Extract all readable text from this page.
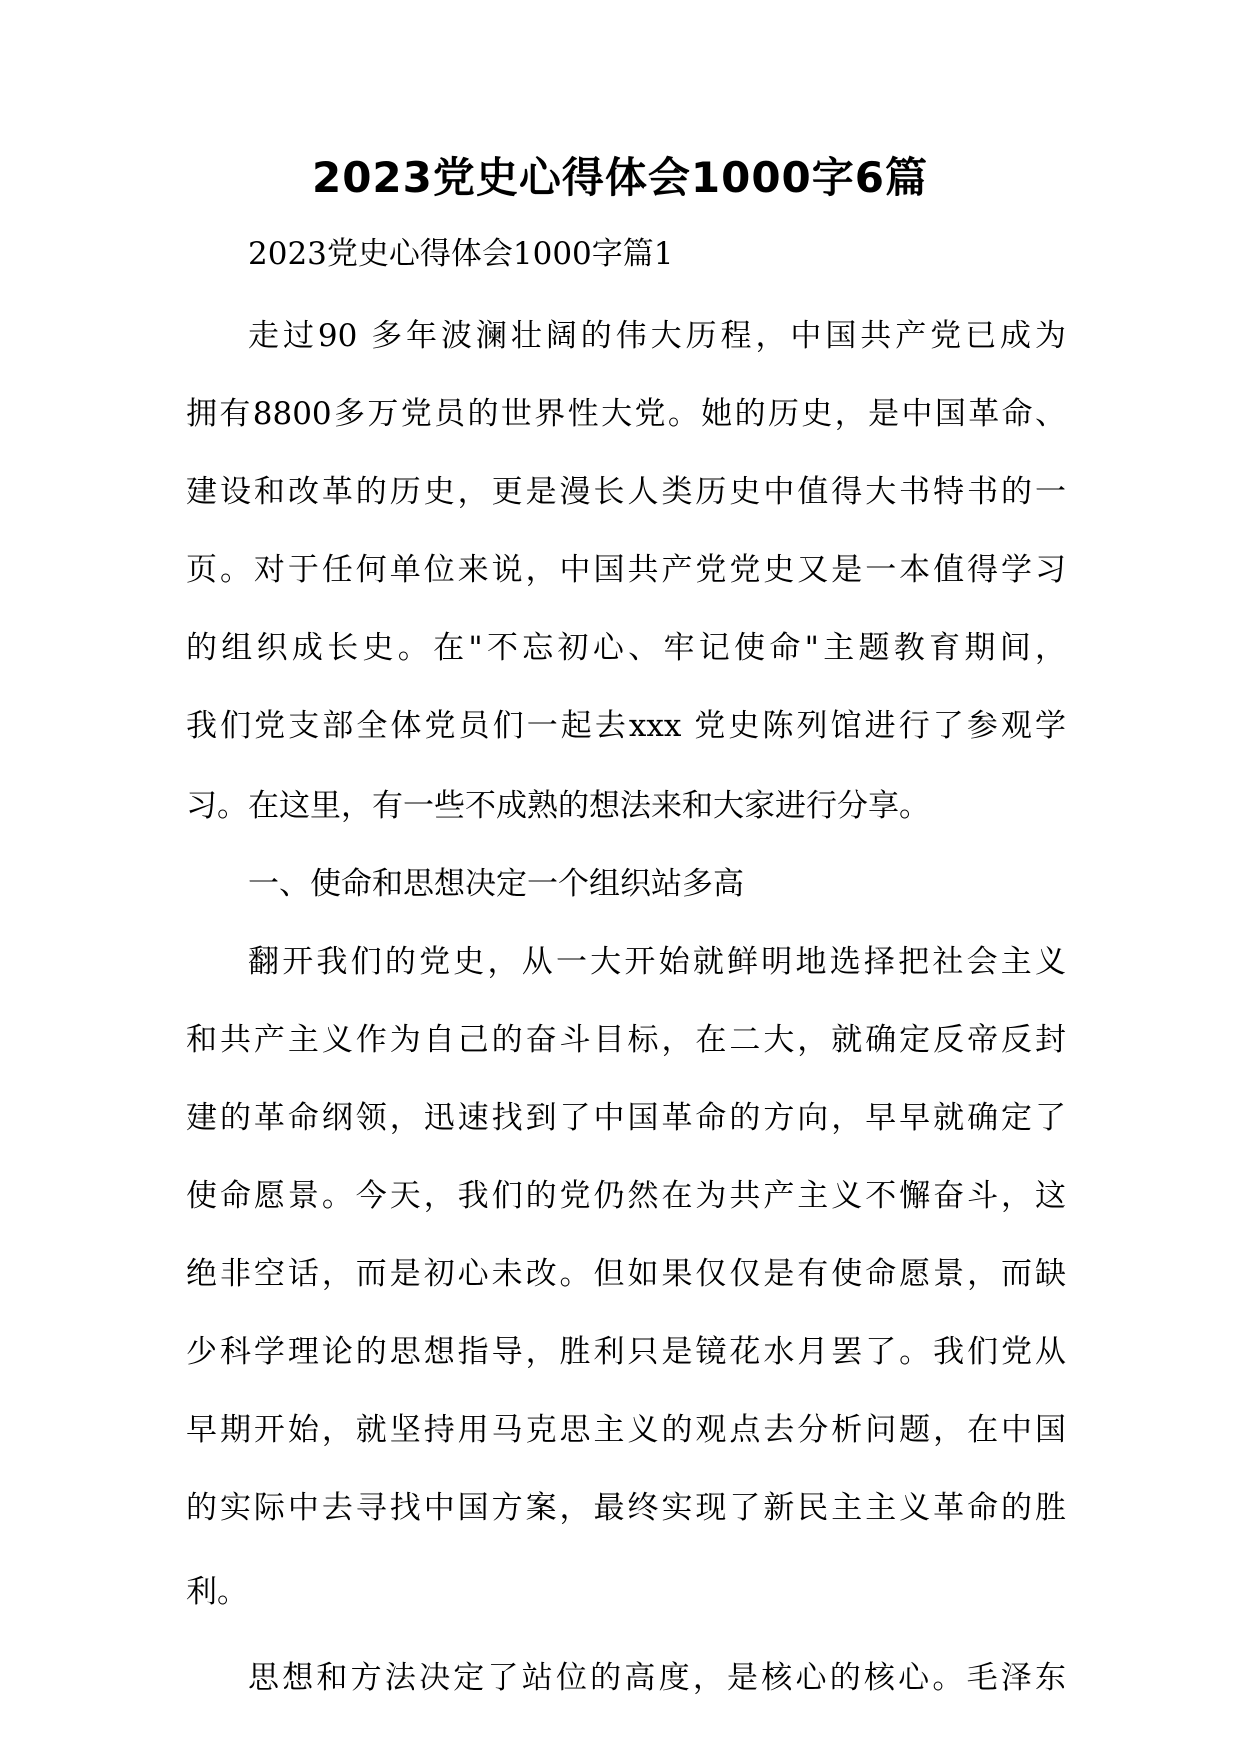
2023党史心得体会1000字6篇
2023党史心得体会1000字篇1
走过90 多年波澜壮阔的伟大历程，中国共产党已成为
拥有8800多万党员的世界性大党。她的历史，是中国革命、
建设和改革的历史，更是漫长人类历史中值得大书特书的一
页。对于任何单位来说，中国共产党党史又是一本值得学习
的组织成长史。在"不忘初心、牢记使命"主题教育期间，
我们党支部全体党员们一起去xxx 党史陈列馆进行了参观学
习。在这里，有一些不成熟的想法来和大家进行分享。
一、使命和思想决定一个组织站多高
翻开我们的党史，从一大开始就鲜明地选择把社会主义
和共产主义作为自己的奋斗目标，在二大，就确定反帝反封
建的革命纲领，迅速找到了中国革命的方向，早早就确定了
使命愿景。今天，我们的党仍然在为共产主义不懈奋斗，这
绝非空话，而是初心未改。但如果仅仅是有使命愿景，而缺
少科学理论的思想指导，胜利只是镜花水月罢了。我们党从
早期开始，就坚持用马克思主义的观点去分析问题，在中国
的实际中去寻找中国方案，最终实现了新民主主义革命的胜
利。
思想和方法决定了站位的高度，是核心的核心。毛泽东
